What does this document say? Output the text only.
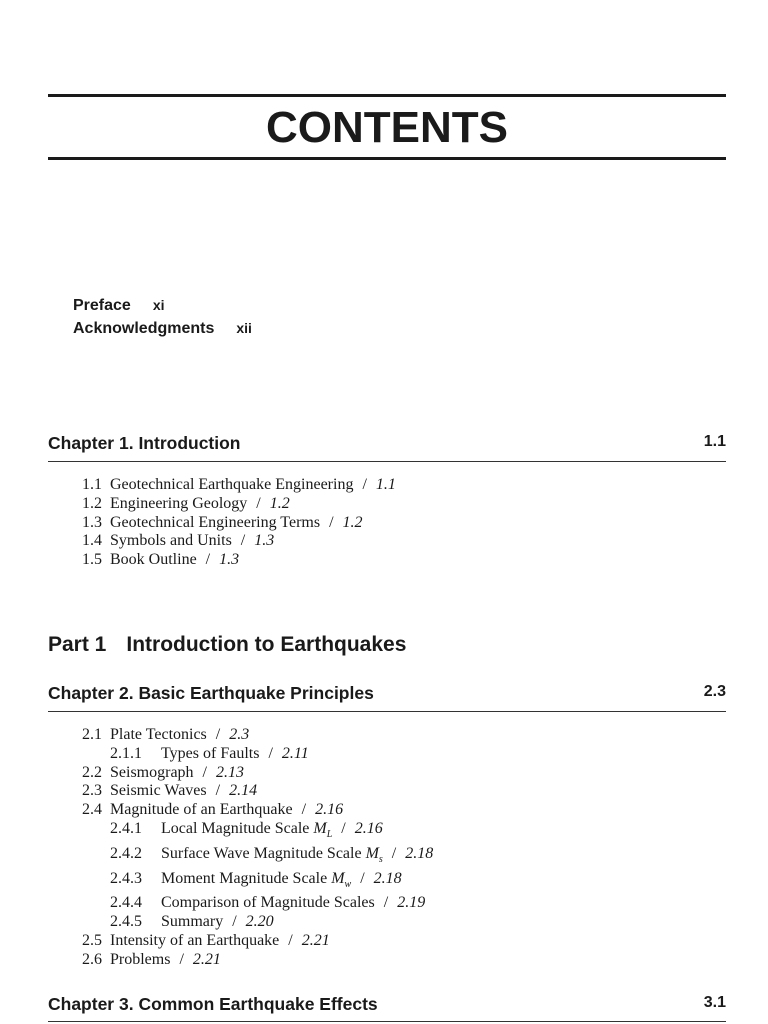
CONTENTS
Preface xi
Acknowledgments xii
Chapter 1. Introduction	1.1
1.1 Geotechnical Earthquake Engineering / 1.1
1.2 Engineering Geology / 1.2
1.3 Geotechnical Engineering Terms / 1.2
1.4 Symbols and Units / 1.3
1.5 Book Outline / 1.3
Part 1 Introduction to Earthquakes
Chapter 2. Basic Earthquake Principles	2.3
2.1 Plate Tectonics / 2.3
2.1.1 Types of Faults / 2.11
2.2 Seismograph / 2.13
2.3 Seismic Waves / 2.14
2.4 Magnitude of an Earthquake / 2.16
2.4.1 Local Magnitude Scale $M_L / 2.16$
2.4.2 Surface Wave Magnitude Scale $M_s / 2.18$
2.4.3 Moment Magnitude Scale $M_w / 2.18$
2.4.4 Comparison of Magnitude Scales / 2.19
2.4.5 Summary / 2.20
2.5 Intensity of an Earthquake / 2.21
2.6 Problems / 2.21
Chapter 3. Common Earthquake Effects	3.1
